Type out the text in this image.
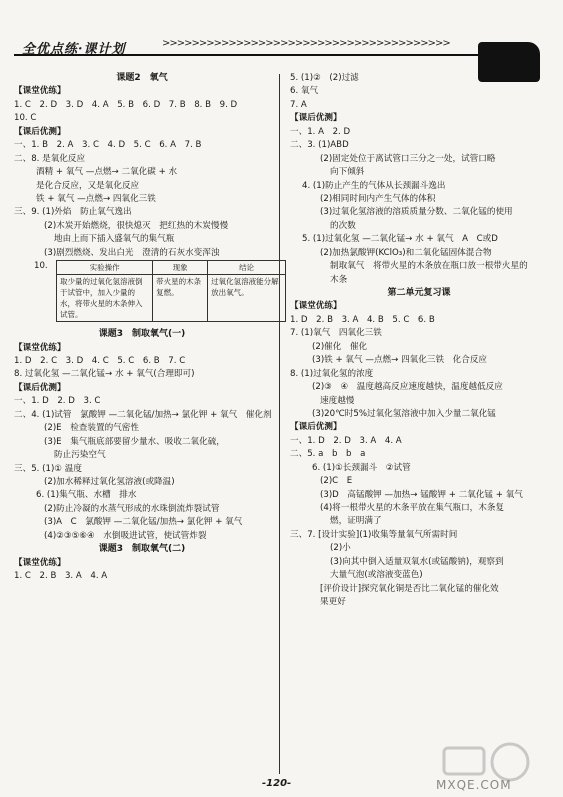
全优点练·课计划	>>>>>>>>>>>>>>>>>>>>>>>>>>>>>>>>>>>>>>>
课题2　氧气
【课堂优练】
1. C　2. D　3. D　4. A　5. B　6. D　7. B　8. B　9. D
10. C
【课后优测】
一、1. B　2. A　3. C　4. D　5. C　6. A　7. B
二、8. 是氧化反应
酒精 + 氧气 —点燃→ 二氧化碳 + 水
是化合反应，又是氧化反应
铁 + 氧气 —点燃→ 四氧化三铁
三、9. (1)外焰　防止氧气逸出
(2)木炭开始燃烧，很快熄灭　把红热的木炭慢慢
地由上而下插入盛氧气的集气瓶
(3)剧烈燃烧、发出白光　澄清的石灰水变浑浊
10.	实验操作	现象	结论
取少量的过氧化氢溶液倒于试管中，加入少量的水，将带火星的木条伸入试管。	带火星的木条复燃。	过氧化氢溶液能分解放出氧气。
课题3　制取氧气(一)
【课堂优练】
1. D　2. C　3. D　4. C　5. C　6. B　7. C
8. 过氧化氢 —二氧化锰→ 水 + 氧气(合理即可)
【课后优测】
一、1. D　2. D　3. C
二、4. (1)试管　氯酸钾 —二氧化锰/加热→ 氯化钾 + 氧气　催化剂
(2)E　检查装置的气密性
(3)E　集气瓶底部要留少量水、吸收二氧化硫，
防止污染空气
三、5. (1)① 温度
(2)加水稀释过氧化氢溶液(或降温)
6. (1)集气瓶、水槽　排水
(2)防止冷凝的水蒸气形成的水珠倒流炸裂试管
(3)A　C　氯酸钾 —二氧化锰/加热→ 氯化钾 + 氧气
(4)②③⑤⑥④　水倒吸进试管，使试管炸裂
课题3　制取氧气(二)
【课堂优练】
1. C　2. B　3. A　4. A
5. (1)②　(2)过滤
6. 氧气
7. A
【课后优测】
一、1. A　2. D
二、3. (1)ABD
(2)固定处位于离试管口三分之一处，试管口略
向下倾斜
4. (1)防止产生的气体从长颈漏斗逸出
(2)相同时间内产生气体的体积
(3)过氧化氢溶液的溶质质量分数、二氧化锰的使用
的次数
5. (1)过氧化氢 —二氧化锰→ 水 + 氧气　A　C或D
(2)加热氯酸钾(KClO₃)和二氧化锰固体混合物
制取氧气　将带火星的木条放在瓶口放一根带火星的
木条
第二单元复习课
【课堂优练】
1. D　2. B　3. A　4. B　5. C　6. B
7. (1)氧气　四氧化三铁
(2)催化　催化
(3)铁 + 氧气 —点燃→ 四氧化三铁　化合反应
8. (1)过氧化氢的浓度
(2)③　④　温度越高反应速度越快，温度越低反应
速度越慢
(3)20℃时5%过氧化氢溶液中加入少量二氧化锰
【课后优测】
一、1. D　2. D　3. A　4. A
二、5. a　b　b　a
6. (1)①长颈漏斗　②试管
(2)C　E
(3)D　高锰酸钾 —加热→ 锰酸钾 + 二氧化锰 + 氧气
(4)将一根带火星的木条平放在集气瓶口，木条复
燃，证明满了
三、7. [设计实验](1)收集等量氧气所需时间
(2)小
(3)向其中倒入适量双氧水(或锰酸钠)，观察到
大量气泡(或溶液变蓝色)
[评价设计]探究氧化铜是否比二氧化锰的催化效
果更好
-120-	MXQE.COM
